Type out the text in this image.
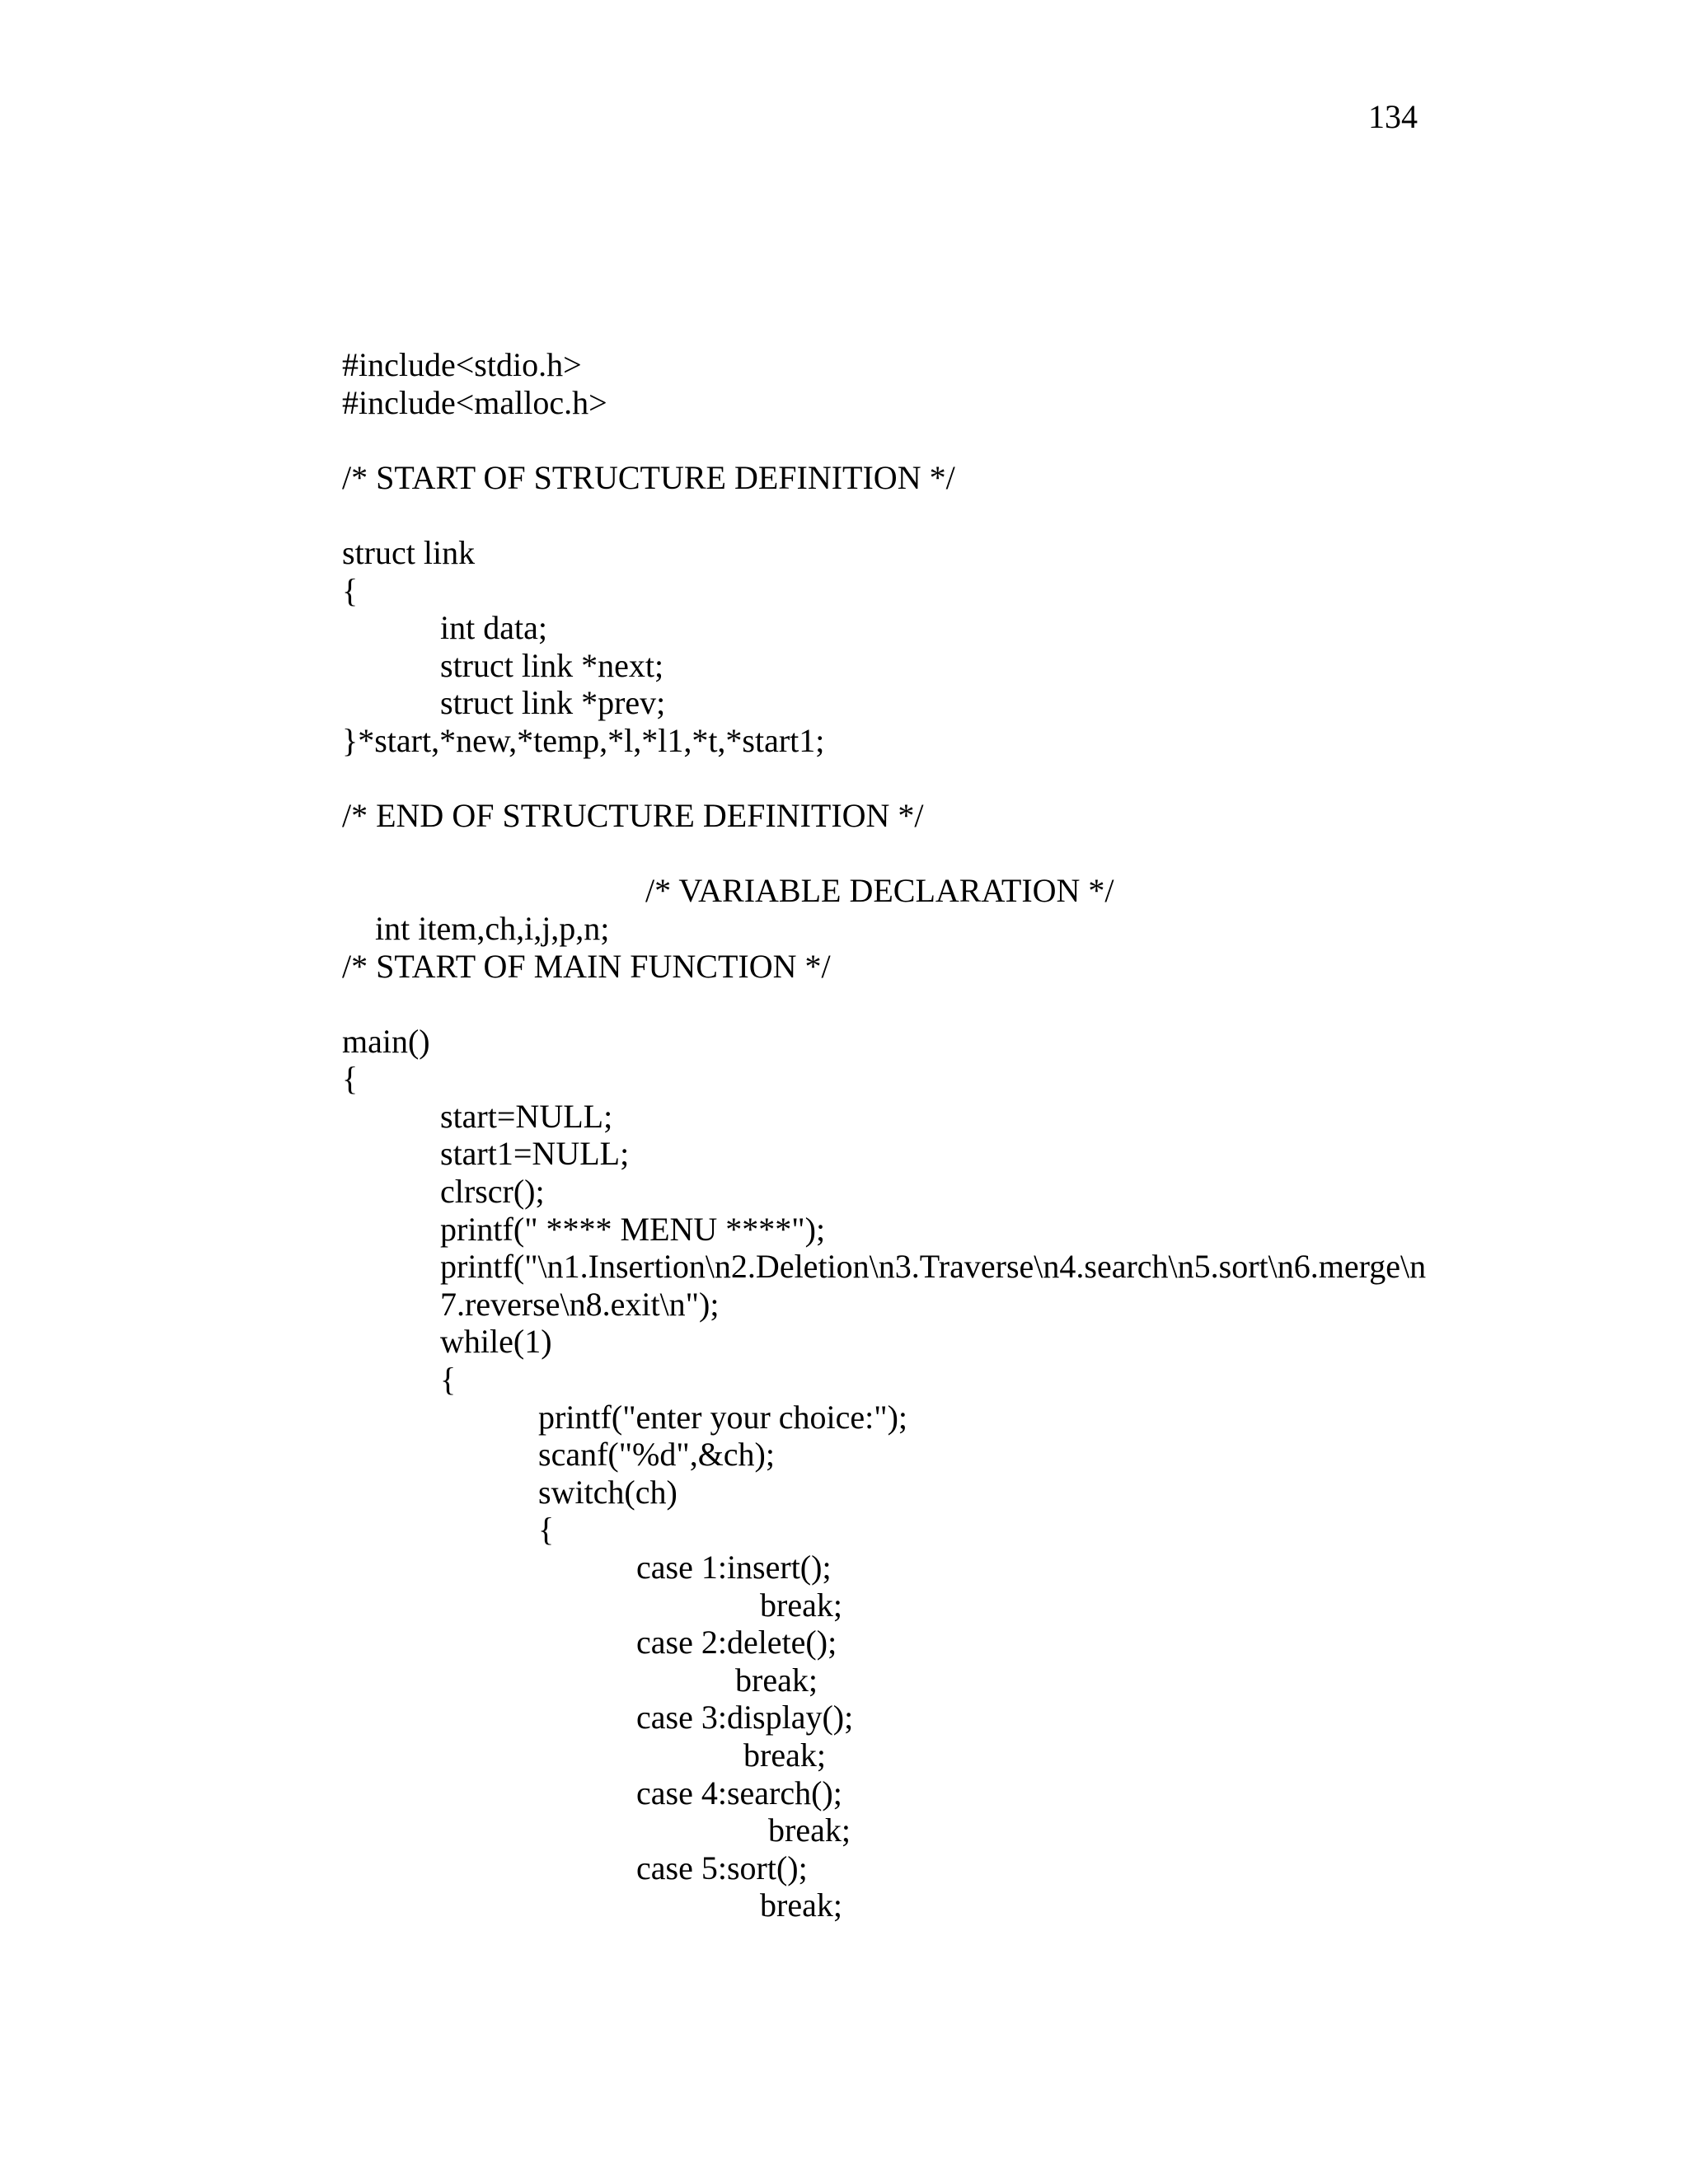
134
#include<stdio.h>
#include<malloc.h>
/* START OF STRUCTURE DEFINITION */
struct link
{
int data;
struct link *next;
struct link *prev;
}*start,*new,*temp,*l,*l1,*t,*start1;
/* END OF STRUCTURE DEFINITION */

int item,ch,i,j,p,n;

/* VARIABLE DECLARATION */

/* START OF MAIN FUNCTION */
main()
{
start=NULL;
start1=NULL;
clrscr();
printf(" **** MENU ****");
printf("\n1.Insertion\n2.Deletion\n3.Traverse\n4.search\n5.sort\n6.merge\n
7.reverse\n8.exit\n");
while(1)
{
printf("enter your choice:");
scanf("%d",&ch);
switch(ch)
{
case 1:insert();
break;
case 2:delete();
break;
case 3:display();
break;
case 4:search();
break;
case 5:sort();
break;
